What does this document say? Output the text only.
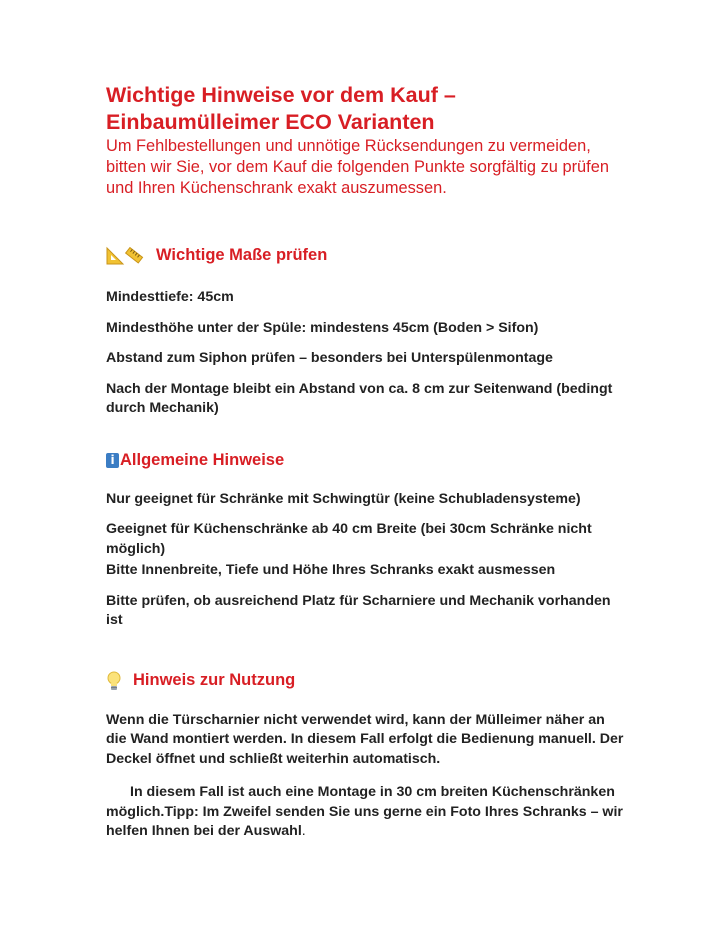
Wichtige Hinweise vor dem Kauf –

Einbaumülleimer ECO Varianten

Um Fehlbestellungen und unnötige Rücksendungen zu vermeiden, bitten wir Sie, vor dem Kauf die folgenden Punkte sorgfältig zu prüfen und Ihren Küchenschrank exakt auszumessen.

Wichtige Maße prüfen

Mindesttiefe: 45cm

Mindesthöhe unter der Spüle: mindestens 45cm (Boden > Sifon)

Abstand zum Siphon prüfen – besonders bei Unterspülenmontage

Nach der Montage bleibt ein Abstand von ca. 8 cm zur Seitenwand (bedingt durch Mechanik)

i Allgemeine Hinweise

Nur geeignet für Schränke mit Schwingtür (keine Schubladensysteme)

Geeignet für Küchenschränke ab 40 cm Breite (bei 30cm Schränke nicht möglich)

Bitte Innenbreite, Tiefe und Höhe Ihres Schranks exakt ausmessen

Bitte prüfen, ob ausreichend Platz für Scharniere und Mechanik vorhanden ist

Hinweis zur Nutzung

Wenn die Türscharnier nicht verwendet wird, kann der Mülleimer näher an die Wand montiert werden. In diesem Fall erfolgt die Bedienung manuell. Der Deckel öffnet und schließt weiterhin automatisch.

In diesem Fall ist auch eine Montage in 30 cm breiten Küchenschränken möglich.Tipp: Im Zweifel senden Sie uns gerne ein Foto Ihres Schranks – wir helfen Ihnen bei der Auswahl.
